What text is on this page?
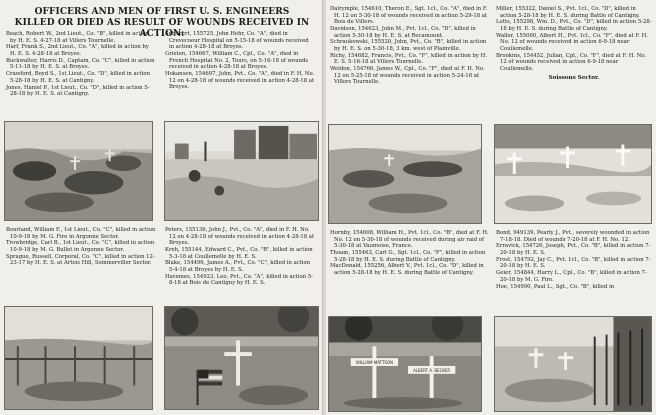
OFFICERS AND MEN OF FIRST U. S. ENGINEERS
KILLED OR DIED AS RESULT OF WOUNDS RECEIVED IN ACTION:

Beach, Robert W., 2nd Lieut., Co. "B", killed in action by H. E. S. 4-27-18 at Villers Tournelle.

Harf, Frank S., 2nd Lieut., Co. "A", killed in action by H. E. S. 4-28-18 at Broyes.

Buckwalter, Harris D., Captain, Co. "C", killed in action 5-11-18 by H. E. S. at Broyes.

Crawford, Boyd S., 1st Lieut., Co. "D", killed in action 5-28-18 by H. E. S. at Cantigny.

Jones, Haniel P., 1st Lieut., Co. "D", killed in action 5-28-18 by H. E. S. at Cantigny.

Schubert, 155725, John Hehr, Co. "A", died in Crevecoeur Hospital on 5-15-18 of wounds received in action 4-28-18 at Broyes.

Grieten, 154667, William C., Cpl., Co. "A", died in French Hospital No. 2, Tours, on 5-16-18 of wounds received in action 4-28-18 at Broyes.

Hokansen, 154697, John, Pvt., Co. "A", died in F. H. No. 12 on 4-28-18 of wounds received in action 4-28-18 at Broyes.

Bourland, William F., 1st Lieut., Co. "C", killed in action 10-9-18 by M. G. Fire in Argonne Sector.

Trowbridge, Carl B., 1st Lieut., Co. "C", killed in action 10-9-18 by M. G. Bullet in Argonne Sector.

Sprague, Russell, Corporal, Co. "C", killed in action 12-23-17 by H. E. S. at Artois Hill, Sommerviller Sector.

Peters, 155136, John J., Pvt., Co. "A", died in F. H. No. 12 on 4-28-18 of wounds received in action 4-28-18 at Broyes.

Kreh, 155144, Edward C., Pvt., Co. "B", killed in action 5-3-18 at Coullemelle by H. E. S.

Blake, 154496, James A., Pvt., Co. "C", killed in action 5-4-18 at Broyes by H. E. S.

Havemes, 154923, Leo, Pvt., Co. "A", killed in action 5-8-18 at Bois de Cantigny by H. E. S.

Dalrymple, 154610, Theron E., Sgt. 1cl., Co. "A", died in F. H. 12 on 5-30-18 of wounds received in action 5-29-18 at Bois de Villers.

Davidson, 154623, John M., Pvt. 1cl., Co. "D", killed in action 5-30-18 by H. E. S. at Rocamount.

Schraukowski, 155520, John, Pvt., Co. "B", killed in action by H. E. S. on 5-30-18, 3 km. west of Plainville.

Richy, 154682, Francis, Pvt., Co. "F", killed in action by H. E. S. 5-16-18 at Villers Tournelle.

Weldon, 154766, James W., Cpl., Co. "F", died at F. H. No. 12 on 5-25-18 of wounds received in action 5-24-18 at Villers Tournelle.

Miller, 155322, Daniel S., Pvt. 1cl., Co. "D", killed in action 5-28-18 by H. E. S. during Battle of Cantigny.

Lotts, 155298, Wm. D., Pvt., Co. "D", killed in action 5-28-18 by H. E. S. during Battle of Cantigny.

Waller, 155000, Albert H., Pvt. 1cl., Co. "F", died at F. H. No. 12 of wounds received in action 6-9-18 near Coullemelle.

Brookins, 154452, Julian, Cpl., Co. "F", died at F. H. No. 12 of wounds received in action 6-9-18 near Coullemelle.

Soissons Sector.

Hornby, 154608, William H., Pvt. 1cl., Co. "B", died at F. H. No. 12 on 5-30-18 of wounds received during air raid of 5-30-18 at Vaumoise, France.

Thoam, 155463, Carl G., Sgt. 1cl., Co. "F", killed in action 5-28-18 by H. E. S. during Battle of Cantigny.

MacDonald, 155256, Albert V., Pvt. 1cl., Co. "D", killed in action 5-28-18 by H. E. S. during Battle of Cantigny.

Bond, 949139, Pearly J., Pvt., severely wounded in action 7-18-18. Died of wounds 7-20-18 at F. H. No. 12.

Erravick, 154726, Joseph, Pvt., Co. "B", killed in action 7-20-18 by H. E. S.

Frost, 154792, Jay C., Pvt. 1cl., Co. "B", killed in action 7-20-18 by H. E. S.

Geier, 154844, Harry L., Cpl., Co. "B", killed in action 7-20-18 by M. G. Fire.

Hoe, 154990, Paul L., Sgt., Co. "B", killed in

WILLIAM MATTSON
ALBERT A. BECKER
